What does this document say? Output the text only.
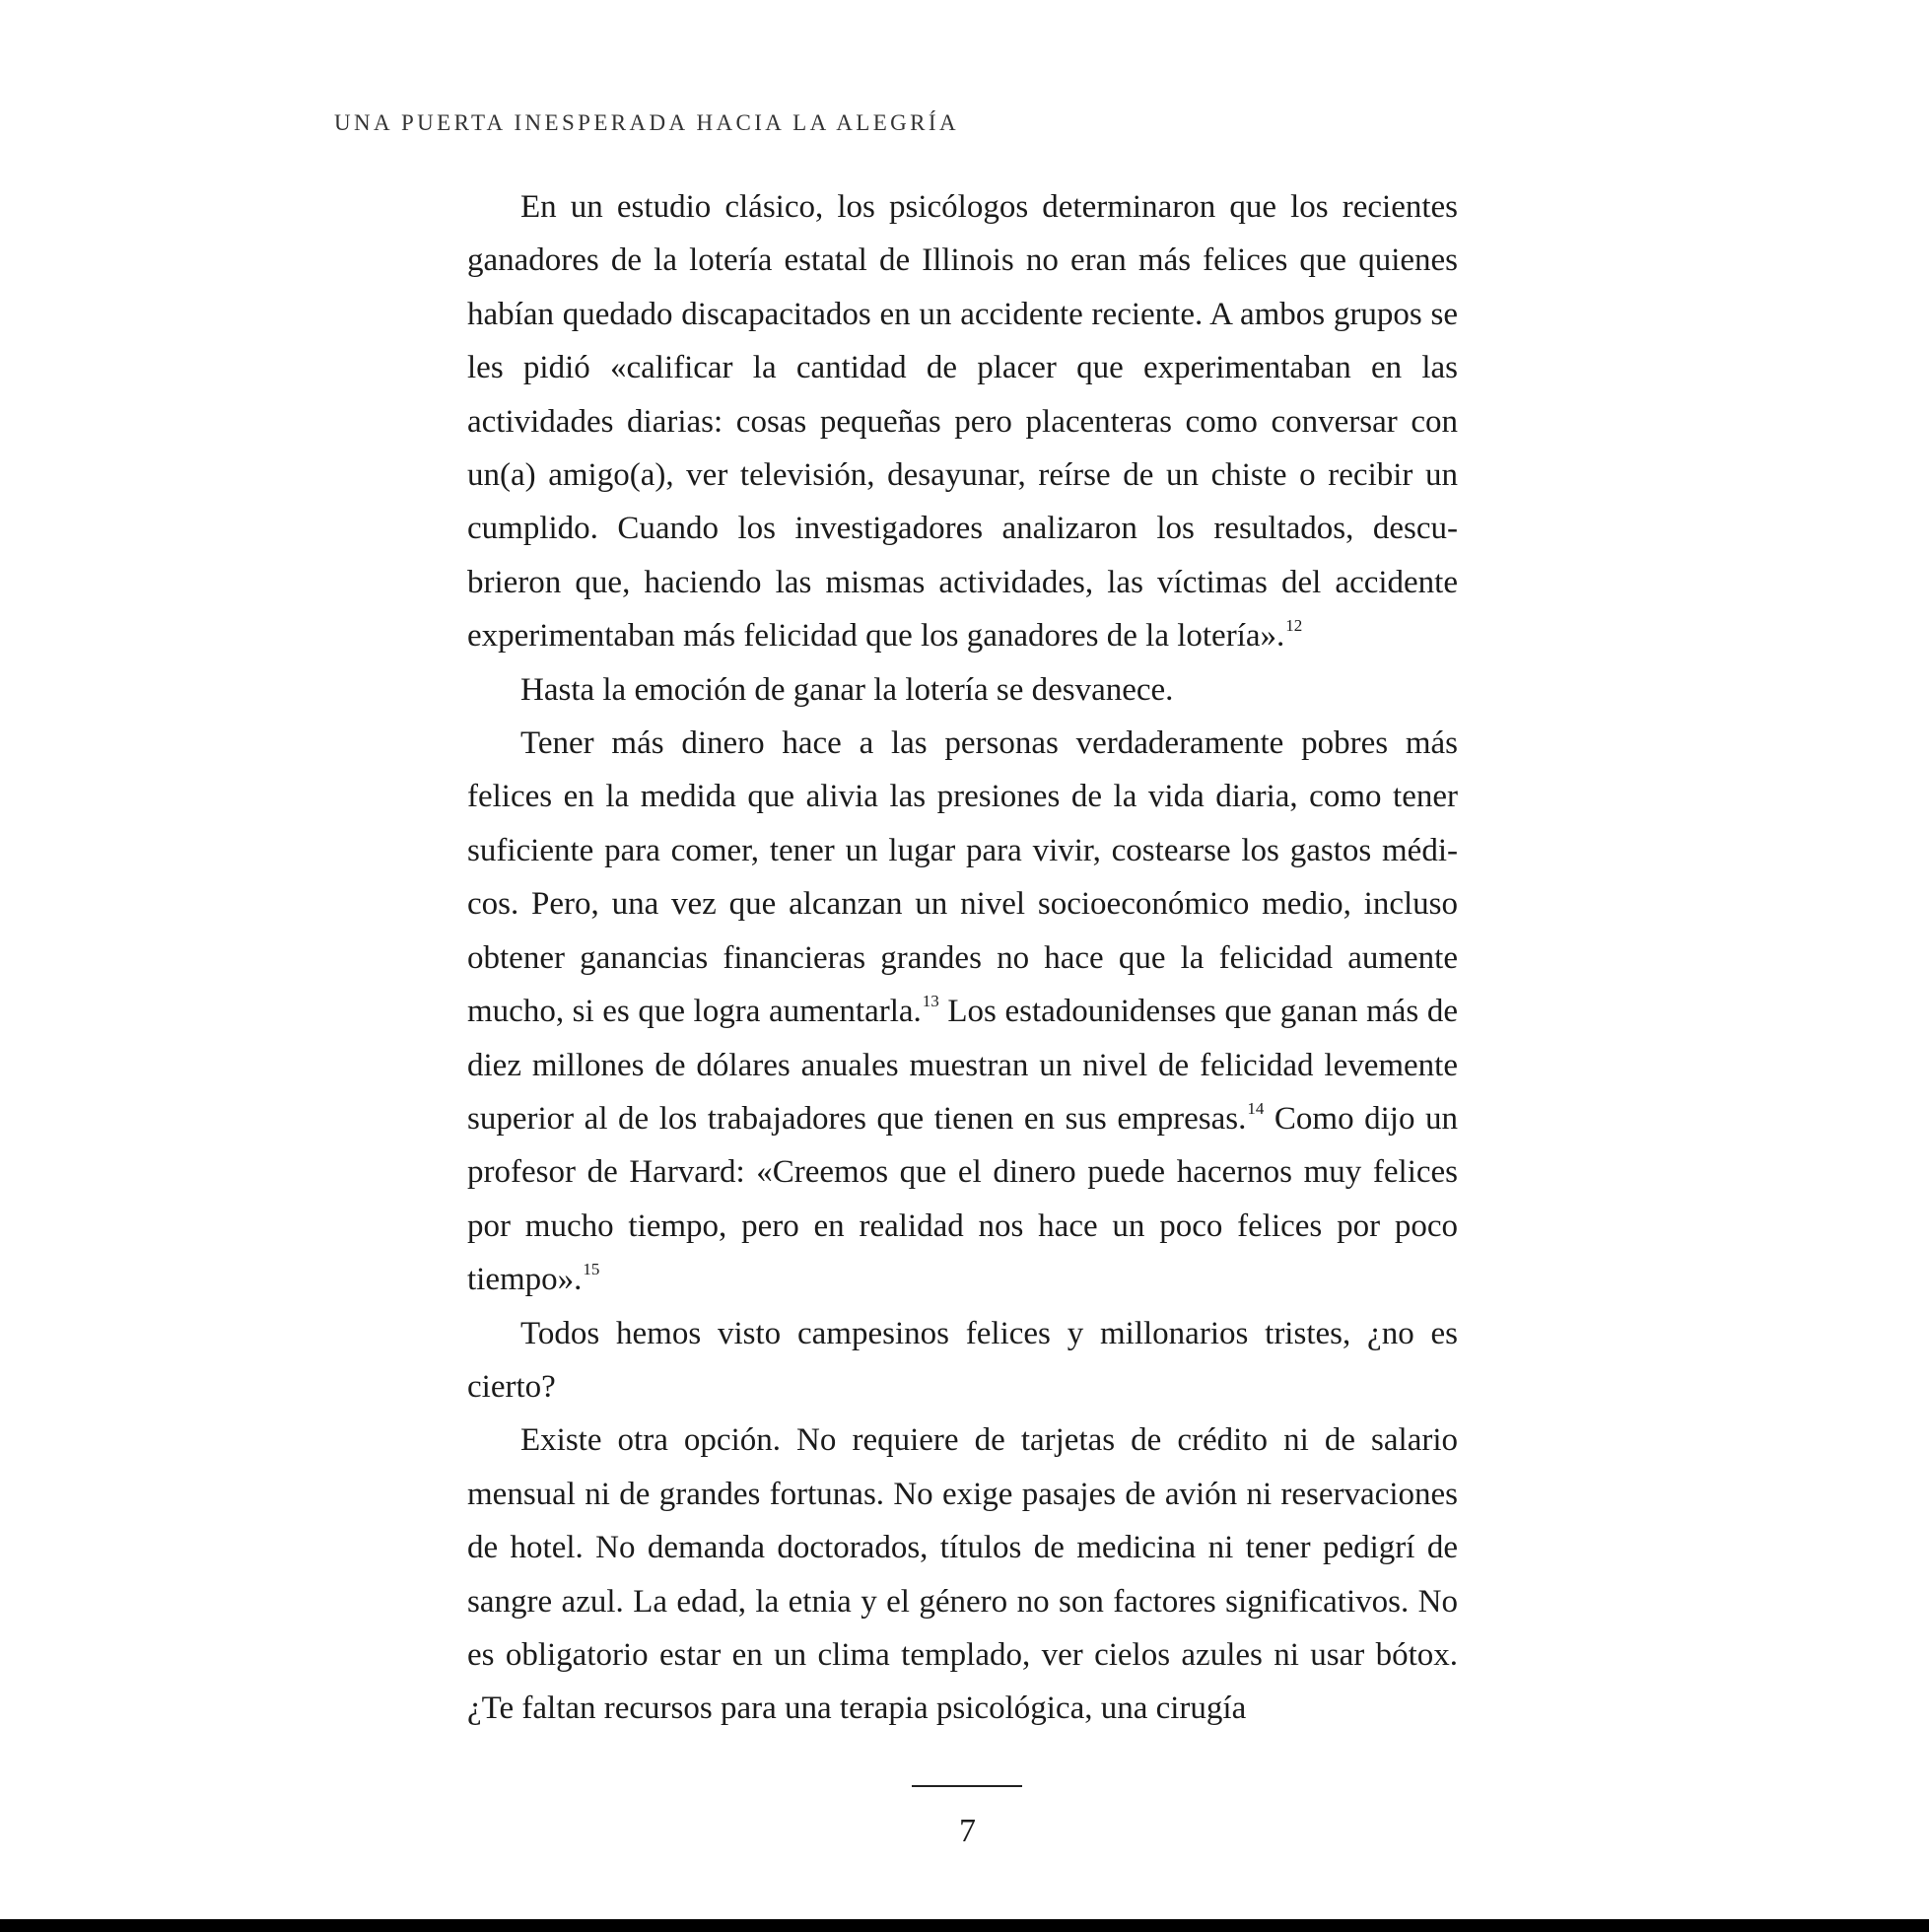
UNA PUERTA INESPERADA HACIA LA ALEGRÍA

En un estudio clásico, los psicólogos determinaron que los recientes ganadores de la lotería estatal de Illinois no eran más felices que quienes habían quedado discapacitados en un accidente reciente. A ambos grupos se les pidió «calificar la cantidad de placer que experimentaban en las actividades diarias: cosas pequeñas pero placenteras como conversar con un(a) amigo(a), ver televisión, desayunar, reírse de un chiste o recibir un cumplido. Cuando los investigadores analizaron los resultados, descubrieron que, haciendo las mismas actividades, las víctimas del accidente experimentaban más felicidad que los ganadores de la lotería».$^{12}$

Hasta la emoción de ganar la lotería se desvanece.

Tener más dinero hace a las personas verdaderamente pobres más felices en la medida que alivia las presiones de la vida diaria, como tener suficiente para comer, tener un lugar para vivir, costearse los gastos médicos. Pero, una vez que alcanzan un nivel socioeconómico medio, incluso obtener ganancias financieras grandes no hace que la felicidad aumente mucho, si es que logra aumentarla.$^{13}$ Los estadounidenses que ganan más de diez millones de dólares anuales muestran un nivel de felicidad levemente superior al de los trabajadores que tienen en sus empresas.$^{14}$ Como dijo un profesor de Harvard: «Creemos que el dinero puede hacernos muy felices por mucho tiempo, pero en realidad nos hace un poco felices por poco tiempo».$^{15}$

Todos hemos visto campesinos felices y millonarios tristes, ¿no es cierto?

Existe otra opción. No requiere de tarjetas de crédito ni de salario mensual ni de grandes fortunas. No exige pasajes de avión ni reservaciones de hotel. No demanda doctorados, títulos de medicina ni tener pedigrí de sangre azul. La edad, la etnia y el género no son factores significativos. No es obligatorio estar en un clima templado, ver cielos azules ni usar bótox. ¿Te faltan recursos para una terapia psicológica, una cirugía

7
